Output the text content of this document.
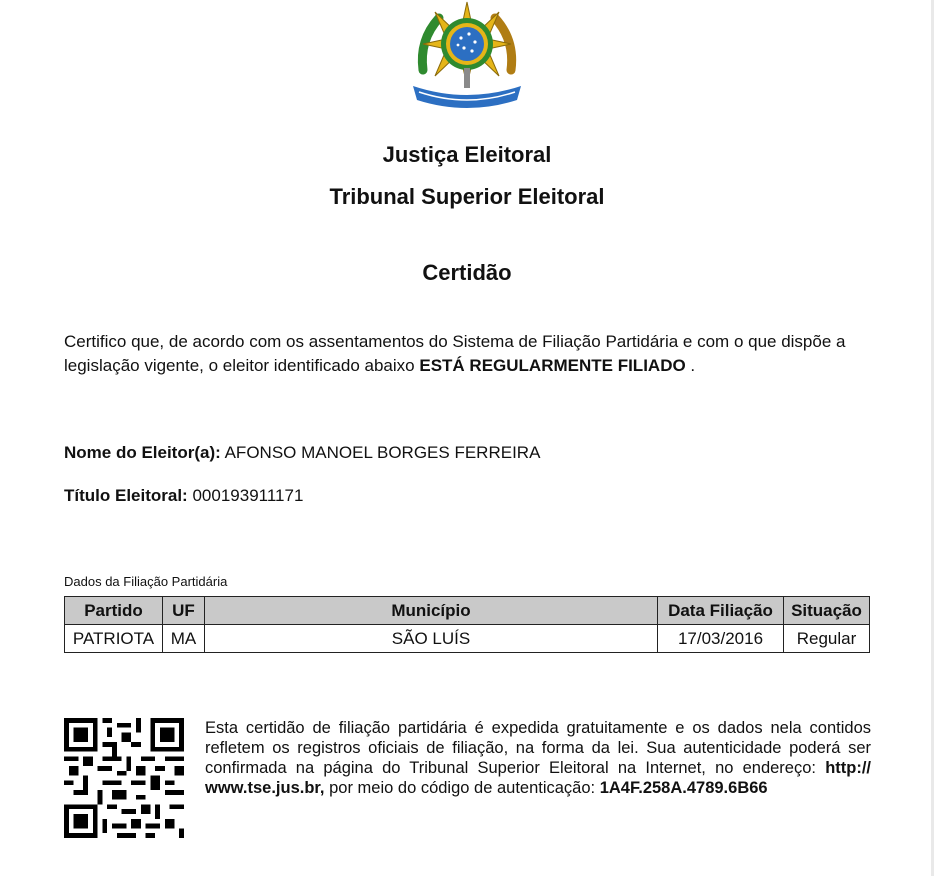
Justiça Eleitoral
Tribunal Superior Eleitoral
Certidão
Certifico que, de acordo com os assentamentos do Sistema de Filiação Partidária e com o que dispõe a legislação vigente, o eleitor identificado abaixo ESTÁ REGULARMENTE FILIADO .
Nome do Eleitor(a): AFONSO MANOEL BORGES FERREIRA
Título Eleitoral: 000193911171
Dados da Filiação Partidária
Partido	UF	Município	Data Filiação	Situação
PATRIOTA	MA	SÃO LUÍS	17/03/2016	Regular
Esta certidão de filiação partidária é expedida gratuitamente e os dados nela contidos refletem os registros oficiais de filiação, na forma da lei. Sua autenticidade poderá ser confirmada na página do Tribunal Superior Eleitoral na Internet, no endereço: http:// www.tse.jus.br, por meio do código de autenticação: 1A4F.258A.4789.6B66
